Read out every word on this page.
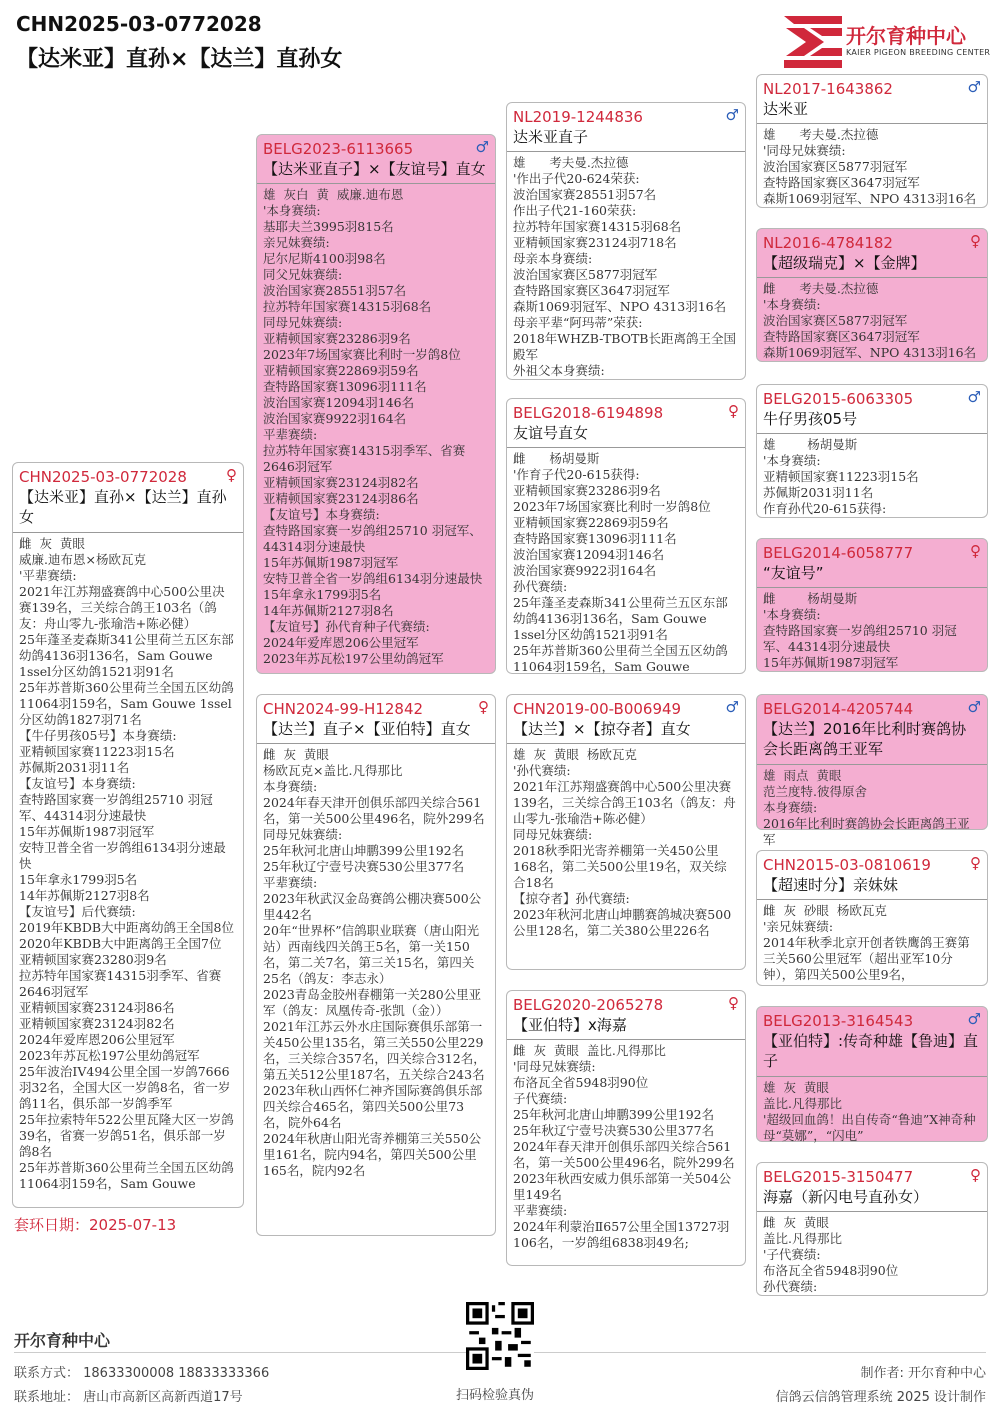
CHN2025-03-0772028
【达米亚】直孙×【达兰】直孙女
开尔育种中心
KAIER PIGEON BREEDING CENTER
CHN2025-03-0772028	♀
【达米亚】直孙×【达兰】直孙女
雌  灰  黄眼
威廉.迪布恩×杨欧瓦克
'平辈赛绩:
2021年江苏翔盛赛鸽中心500公里决赛139名，三关综合鸽王103名（鸽友：舟山零九-张瑜浩+陈必健）
25年蓬圣麦森斯341公里荷兰五区东部幼鸽4136羽136名，Sam Gouwe 1ssel分区幼鸽1521羽91名
25年苏普斯360公里荷兰全国五区幼鸽11064羽159名，Sam Gouwe 1ssel分区幼鸽1827羽71名
【牛仔男孩05号】本身赛绩:
亚精顿国家赛11223羽15名
苏佩斯2031羽11名
【友谊号】本身赛绩:
查特路国家赛一岁鸽组25710 羽冠军、44314羽分速最快
15年苏佩斯1987羽冠军
安特卫普全省一岁鸽组6134羽分速最快
15年拿永1799羽5名
14年苏佩斯2127羽8名
【友谊号】后代赛绩:
2019年KBDB大中距离幼鸽王全国8位
2020年KBDB大中距离鸽王全国7位
亚精顿国家赛23280羽9名
拉苏特年国家赛14315羽季军、省赛2646羽冠军
亚精顿国家赛23124羽86名
亚精顿国家赛23124羽82名
2024年爱库恩206公里冠军
2023年苏瓦松197公里幼鸽冠军
25年波治IV494公里全国一岁鸽7666羽32名，全国大区一岁鸽8名，省一岁鸽11名，俱乐部一岁鸽季军
25年拉索特年522公里瓦隆大区一岁鸽39名，省赛一岁鸽51名，俱乐部一岁鸽8名
25年苏普斯360公里荷兰全国五区幼鸽11064羽159名，Sam Gouwe
BELG2023-6113665	♂
【达米亚直子】×【友谊号】直女
雄  灰白  黄  威廉.迪布恩
'本身赛绩:
基耶夫兰3995羽815名
亲兄妹赛绩:
尼尔尼斯4100羽98名
同父兄妹赛绩:
波治国家赛28551羽57名
拉苏特年国家赛14315羽68名
同母兄妹赛绩:
亚精顿国家赛23286羽9名
2023年7场国家赛比利时一岁鸽8位
亚精顿国家赛22869羽59名
查特路国家赛13096羽111名
波治国家赛12094羽146名
波治国家赛9922羽164名
平辈赛绩:
拉苏特年国家赛14315羽季军、省赛2646羽冠军
亚精顿国家赛23124羽82名
亚精顿国家赛23124羽86名
【友谊号】本身赛绩:
查特路国家赛一岁鸽组25710 羽冠军、44314羽分速最快
15年苏佩斯1987羽冠军
安特卫普全省一岁鸽组6134羽分速最快
15年拿永1799羽5名
14年苏佩斯2127羽8名
【友谊号】孙代育种子代赛绩:
2024年爱库恩206公里冠军
2023年苏瓦松197公里幼鸽冠军
CHN2024-99-H12842	♀
【达兰】直子×【亚伯特】直女
雌  灰  黄眼
杨欧瓦克×盖比.凡得那比
本身赛绩:
2024年春天津开创俱乐部四关综合561名，第一关500公里496名，院外299名
同母兄妹赛绩:
25年秋河北唐山坤鹏399公里192名
25年秋辽宁壹号决赛530公里377名
平辈赛绩:
2023年秋武汉金岛赛鸽公棚决赛500公里442名
20年“世界杯”信鸽职业联赛（唐山阳光站）西南线四关鸽王5名，第一关150名，第二关7名，第三关15名，第四关25名（鸽友：李志永）
2023青岛金胶州春棚第一关280公里亚军（鸽友：凤凰传奇-张凯（金））
2021年江苏云外水庄国际赛俱乐部第一关450公里135名，第三关550公里229名，三关综合357名，四关综合312名，第五关512公里187名，五关综合243名
2023年秋山西怀仁神齐国际赛鸽俱乐部四关综合465名，第四关500公里73名，院外64名
2024年秋唐山阳光寄养棚第三关550公里161名，院内94名，第四关500公里165名，院内92名
NL2019-1244836	♂
达米亚直子
雄      考夫曼.杰拉德
'作出子代20-624荣获:
波治国家赛28551羽57名
作出子代21-160荣获:
拉苏特年国家赛14315羽68名
亚精顿国家赛23124羽718名
母亲本身赛绩:
波治国家赛区5877羽冠军
查特路国家赛区3647羽冠军
森斯1069羽冠军、NPO 4313羽16名
母亲平辈“阿玛蒂”荣获:
2018年WHZB-TBOTB长距离鸽王全国殿军
外祖父本身赛绩:
BELG2018-6194898	♀
友谊号直女
雌      杨胡曼斯
'作育子代20-615获得:
亚精顿国家赛23286羽9名
2023年7场国家赛比利时一岁鸽8位
亚精顿国家赛22869羽59名
查特路国家赛13096羽111名
波治国家赛12094羽146名
波治国家赛9922羽164名
孙代赛绩:
25年蓬圣麦森斯341公里荷兰五区东部幼鸽4136羽136名，Sam Gouwe 1ssel分区幼鸽1521羽91名
25年苏普斯360公里荷兰全国五区幼鸽11064羽159名，Sam Gouwe
CHN2019-00-B006949	♂
【达兰】×【掠夺者】直女
雄  灰  黄眼  杨欧瓦克
'孙代赛绩:
2021年江苏翔盛赛鸽中心500公里决赛139名，三关综合鸽王103名（鸽友：舟山零九-张瑜浩+陈必健）
同母兄妹赛绩:
2018秋季阳光寄养棚第一关450公里168名，第二关500公里19名，双关综合18名
【掠夺者】孙代赛绩:
2023年秋河北唐山坤鹏赛鸽城决赛500公里128名，第二关380公里226名
BELG2020-2065278	♀
【亚伯特】x海嘉
雌  灰  黄眼  盖比.凡得那比
'同母兄妹赛绩:
布洛瓦全省5948羽90位
子代赛绩:
25年秋河北唐山坤鹏399公里192名
25年秋辽宁壹号决赛530公里377名
2024年春天津开创俱乐部四关综合561名，第一关500公里496名，院外299名
2023年秋西安威力俱乐部第一关504公里149名
平辈赛绩:
2024年利蒙治Ⅱ657公里全国13727羽106名，一岁鸽组6838羽49名;
NL2017-1643862	♂
达米亚
雄      考夫曼.杰拉德
'同母兄妹赛绩:
波治国家赛区5877羽冠军
查特路国家赛区3647羽冠军
森斯1069羽冠军、NPO 4313羽16名
NL2016-4784182	♀
【超级瑞克】×【金牌】
雌      考夫曼.杰拉德
'本身赛绩:
波治国家赛区5877羽冠军
查特路国家赛区3647羽冠军
森斯1069羽冠军、NPO 4313羽16名
BELG2015-6063305	♂
牛仔男孩05号
雄        杨胡曼斯
'本身赛绩:
亚精顿国家赛11223羽15名
苏佩斯2031羽11名
作育孙代20-615获得:
BELG2014-6058777	♀
“友谊号”
雌        杨胡曼斯
'本身赛绩:
查特路国家赛一岁鸽组25710 羽冠军、44314羽分速最快
15年苏佩斯1987羽冠军
BELG2014-4205744	♂
【达兰】2016年比利时赛鸽协会长距离鸽王亚军
雄  雨点  黄眼
范兰度特.彼得原舍
本身赛绩:
2016年比利时赛鸽协会长距离鸽王亚军
CHN2015-03-0810619	♀
【超速时分】亲妹妹
雌  灰  砂眼  杨欧瓦克
'亲兄妹赛绩:
2014年秋季北京开创者铁鹰鸽王赛第三关560公里冠军（超出亚军10分钟），第四关500公里9名，
BELG2013-3164543	♂
【亚伯特】:传奇种雄【鲁迪】直子
雄  灰  黄眼
盖比.凡得那比
'超级回血鸽！出自传奇“鲁迪”X神奇种母“莫娜”，“闪电”
BELG2015-3150477	♀
海嘉（新闪电号直孙女）
雌  灰  黄眼
盖比.凡得那比
'子代赛绩:
布洛瓦全省5948羽90位
孙代赛绩:
套环日期：2025-07-13
开尔育种中心
联系方式： 18633300008 18833333366
联系地址： 唐山市高新区高新西道17号	扫码检验真伪
制作者: 开尔育种中心
信鸽云信鸽管理系统 2025 设计制作
